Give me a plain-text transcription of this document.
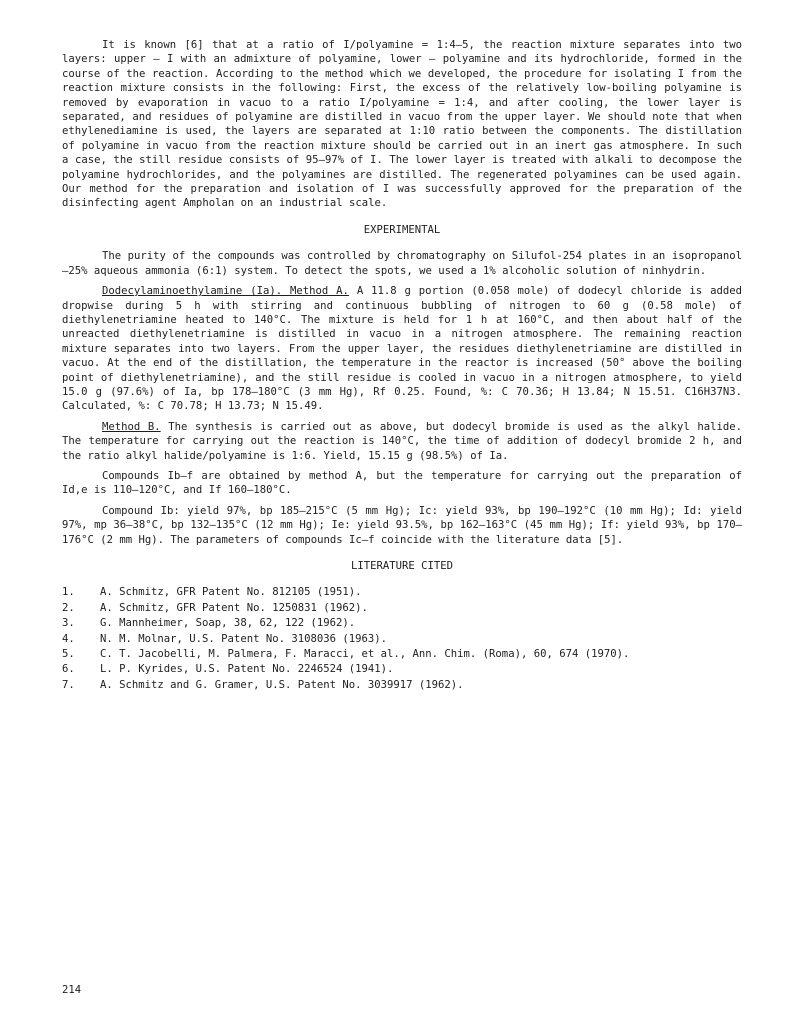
It is known [6] that at a ratio of I/polyamine = 1:4–5, the reaction mixture separates into two layers: upper — I with an admixture of polyamine, lower — polyamine and its hydrochloride, formed in the course of the reaction. According to the method which we developed, the procedure for isolating I from the reaction mixture consists in the following: First, the excess of the relatively low-boiling polyamine is removed by evaporation in vacuo to a ratio I/polyamine = 1:4, and after cooling, the lower layer is separated, and residues of polyamine are distilled in vacuo from the upper layer. We should note that when ethylenediamine is used, the layers are separated at 1:10 ratio between the components. The distillation of polyamine in vacuo from the reaction mixture should be carried out in an inert gas atmosphere. In such a case, the still residue consists of 95–97% of I. The lower layer is treated with alkali to decompose the polyamine hydrochlorides, and the polyamines are distilled. The regenerated polyamines can be used again. Our method for the preparation and isolation of I was successfully approved for the preparation of the disinfecting agent Ampholan on an industrial scale.

EXPERIMENTAL

The purity of the compounds was controlled by chromatography on Silufol-254 plates in an isopropanol—25% aqueous ammonia (6:1) system. To detect the spots, we used a 1% alcoholic solution of ninhydrin.

Dodecylaminoethylamine (Ia). Method A. A 11.8 g portion (0.058 mole) of dodecyl chloride is added dropwise during 5 h with stirring and continuous bubbling of nitrogen to 60 g (0.58 mole) of diethylenetriamine heated to 140°C. The mixture is held for 1 h at 160°C, and then about half of the unreacted diethylenetriamine is distilled in vacuo in a nitrogen atmosphere. The remaining reaction mixture separates into two layers. From the upper layer, the residues diethylenetriamine are distilled in vacuo. At the end of the distillation, the temperature in the reactor is increased (50° above the boiling point of diethylenetriamine), and the still residue is cooled in vacuo in a nitrogen atmosphere, to yield 15.0 g (97.6%) of Ia, bp 178–180°C (3 mm Hg), Rf 0.25. Found, %: C 70.36; H 13.84; N 15.51. C16H37N3. Calculated, %: C 70.78; H 13.73; N 15.49.

Method B. The synthesis is carried out as above, but dodecyl bromide is used as the alkyl halide. The temperature for carrying out the reaction is 140°C, the time of addition of dodecyl bromide 2 h, and the ratio alkyl halide/polyamine is 1:6. Yield, 15.15 g (98.5%) of Ia.

Compounds Ib–f are obtained by method A, but the temperature for carrying out the preparation of Id,e is 110–120°C, and If 160–180°C.

Compound Ib: yield 97%, bp 185–215°C (5 mm Hg); Ic: yield 93%, bp 190–192°C (10 mm Hg); Id: yield 97%, mp 36–38°C, bp 132–135°C (12 mm Hg); Ie: yield 93.5%, bp 162–163°C (45 mm Hg); If: yield 93%, bp 170–176°C (2 mm Hg). The parameters of compounds Ic–f coincide with the literature data [5].

LITERATURE CITED

1.	A. Schmitz, GFR Patent No. 812105 (1951).
2.	A. Schmitz, GFR Patent No. 1250831 (1962).
3.	G. Mannheimer, Soap, 38, 62, 122 (1962).
4.	N. M. Molnar, U.S. Patent No. 3108036 (1963).
5.	C. T. Jacobelli, M. Palmera, F. Maracci, et al., Ann. Chim. (Roma), 60, 674 (1970).
6.	L. P. Kyrides, U.S. Patent No. 2246524 (1941).
7.	A. Schmitz and G. Gramer, U.S. Patent No. 3039917 (1962).
214
